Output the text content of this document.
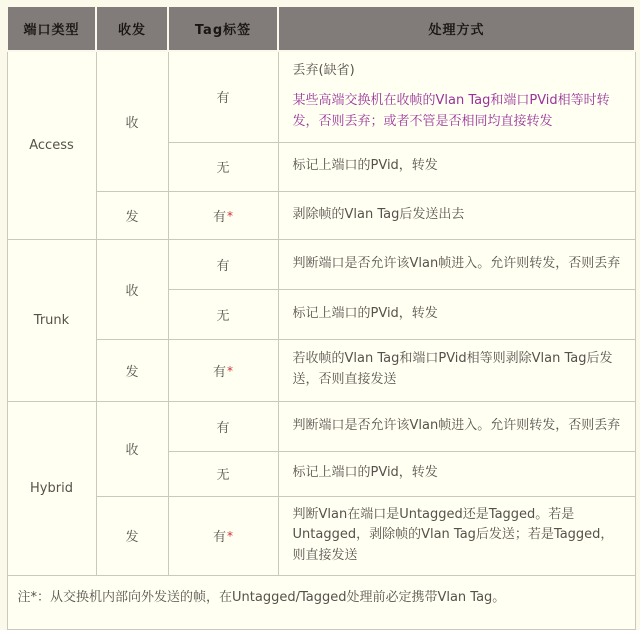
端口类型	收发	Tag标签	处理方式
Access	收	有	丢弃(缺省)

某些高端交换机在收帧的Vlan Tag和端口PVid相等时转发，否则丢弃；或者不管是否相同均直接转发

		无	标记上端口的PVid，转发
	发	有*	剥除帧的Vlan Tag后发送出去
Trunk	收	有	判断端口是否允许该Vlan帧进入。允许则转发，否则丢弃
		无	标记上端口的PVid，转发
	发	有*	若收帧的Vlan Tag和端口PVid相等则剥除Vlan Tag后发送，否则直接发送
Hybrid	收	有	判断端口是否允许该Vlan帧进入。允许则转发，否则丢弃
		无	标记上端口的PVid，转发
	发	有*	判断Vlan在端口是Untagged还是Tagged。若是Untagged，剥除帧的Vlan Tag后发送；若是Tagged，则直接发送
注*：从交换机内部向外发送的帧，在Untagged/Tagged处理前必定携带Vlan Tag。			
